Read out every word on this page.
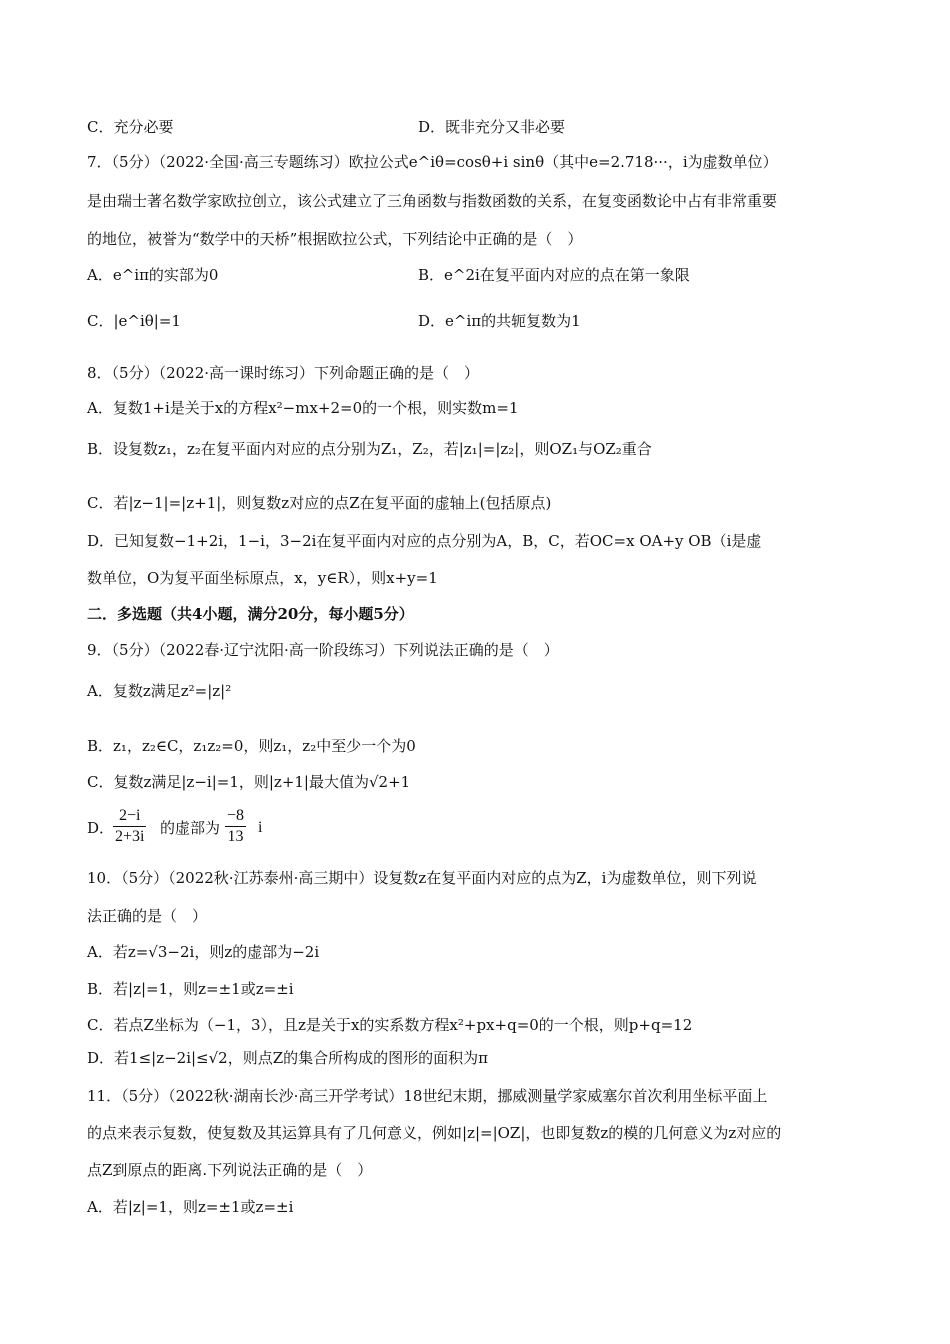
C．充分必要	D．既非充分又非必要
7．（5分）（2022·全国·高三专题练习）欧拉公式e^iθ=cosθ+i sinθ（其中e=2.718···，i为虚数单位）
是由瑞士著名数学家欧拉创立，该公式建立了三角函数与指数函数的关系，在复变函数论中占有非常重要
的地位，被誉为“数学中的天桥”根据欧拉公式，下列结论中正确的是（　）
A．e^iπ的实部为0	B．e^2i在复平面内对应的点在第一象限
C．|e^iθ|=1	D．e^iπ的共轭复数为1
8．（5分）（2022·高一课时练习）下列命题正确的是（　）
A．复数1+i是关于x的方程x²−mx+2=0的一个根，则实数m=1
B．设复数z₁，z₂在复平面内对应的点分别为Z₁，Z₂，若|z₁|=|z₂|，则OZ₁与OZ₂重合
C．若|z−1|=|z+1|，则复数z对应的点Z在复平面的虚轴上(包括原点)
D．已知复数−1+2i，1−i，3−2i在复平面内对应的点分别为A，B，C，若OC=x OA+y OB（i是虚
数单位，O为复平面坐标原点，x，y∈R），则x+y=1
二．多选题（共4小题，满分20分，每小题5分）
9．（5分）（2022春·辽宁沈阳·高一阶段练习）下列说法正确的是（　）
A．复数z满足z²=|z|²
B．z₁，z₂∈C，z₁z₂=0，则z₁，z₂中至少一个为0
C．复数z满足|z−i|=1，则|z+1|最大值为√2+1
D．
$\frac{2-i}{2+3i}$ 的虚部为 $\frac{-8}{13}$ i
10．（5分）（2022秋·江苏泰州·高三期中）设复数z在复平面内对应的点为Z，i为虚数单位，则下列说
法正确的是（　）
A．若z=√3−2i，则z的虚部为−2i
B．若|z|=1，则z=±1或z=±i
C．若点Z坐标为（−1，3），且z是关于x的实系数方程x²+px+q=0的一个根，则p+q=12
D．若1≤|z−2i|≤√2，则点Z的集合所构成的图形的面积为π
11．（5分）（2022秋·湖南长沙·高三开学考试）18世纪末期，挪威测量学家威塞尔首次利用坐标平面上
的点来表示复数，使复数及其运算具有了几何意义，例如|z|=|OZ|，也即复数z的模的几何意义为z对应的
点Z到原点的距离.下列说法正确的是（　）
A．若|z|=1，则z=±1或z=±i
